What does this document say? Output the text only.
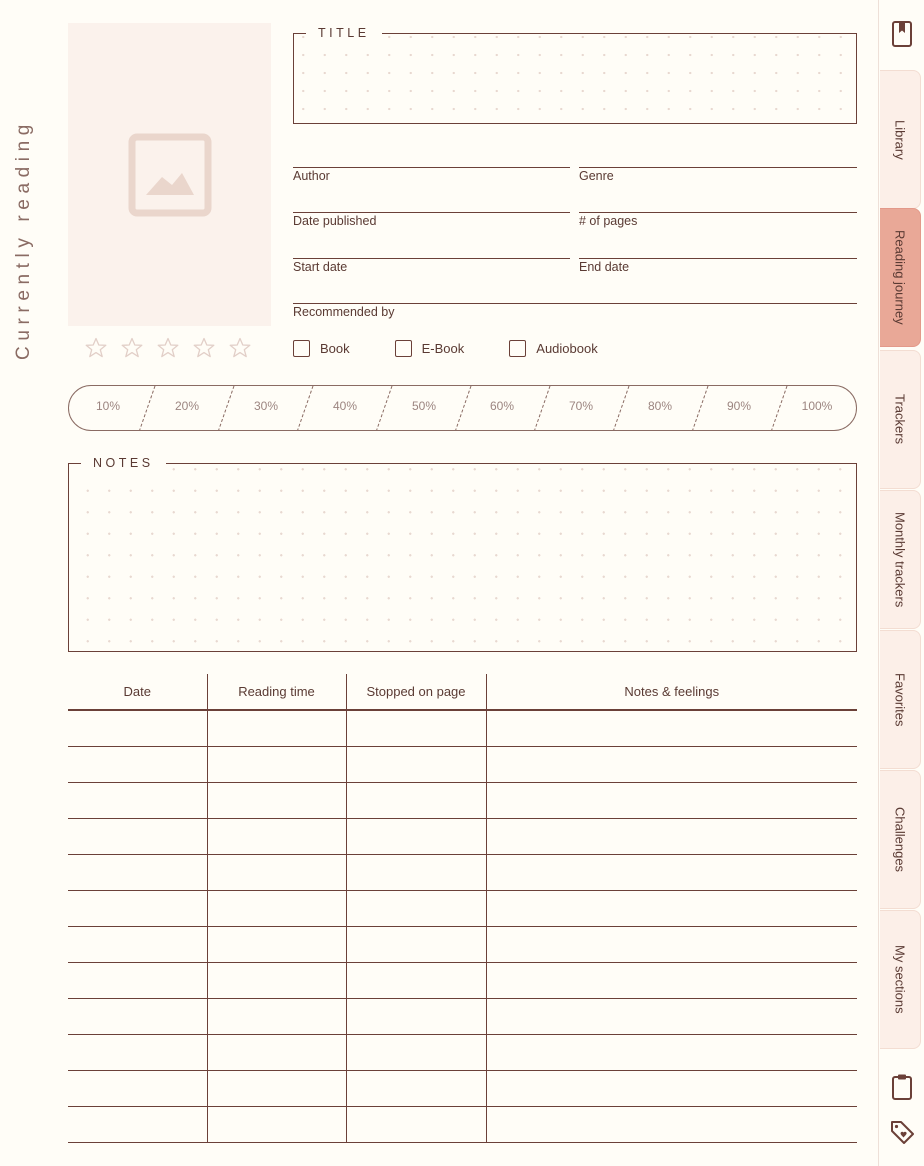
Currently reading
TITLE
Author	Genre
Date published	# of pages
Start date	End date
Recommended by
Book	E-Book	Audiobook
10%	20%	30%	40%	50%	60%	70%	80%	90%	100%
NOTES
Date	Reading time	Stopped on page	Notes & feelings

Library
Reading journey
Trackers
Monthly trackers
Favorites
Challenges
My sections
